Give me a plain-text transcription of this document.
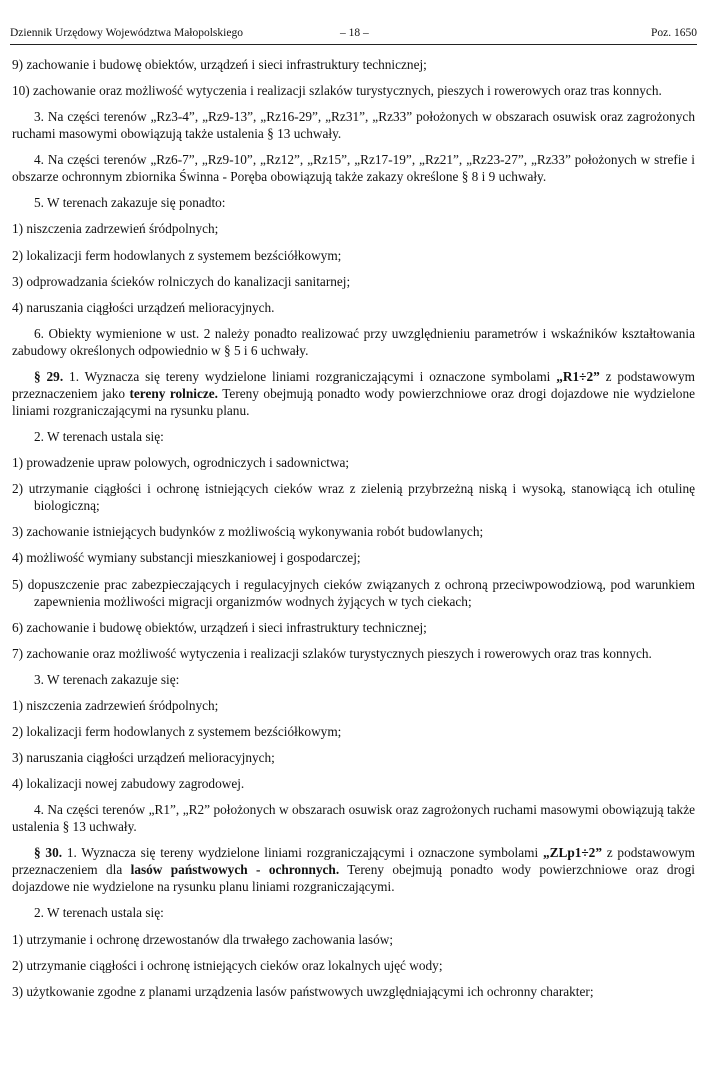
Dziennik Urzędowy Województwa Małopolskiego	– 18 –	Poz. 1650

9) zachowanie i budowę obiektów, urządzeń i sieci infrastruktury technicznej;

10) zachowanie oraz możliwość wytyczenia i realizacji szlaków turystycznych, pieszych i rowerowych oraz tras konnych.

3. Na części terenów „Rz3-4”, „Rz9-13”, „Rz16-29”, „Rz31”, „Rz33” położonych w obszarach osuwisk oraz zagrożonych ruchami masowymi obowiązują także ustalenia § 13 uchwały.

4. Na części terenów „Rz6-7”, „Rz9-10”, „Rz12”, „Rz15”, „Rz17-19”, „Rz21”, „Rz23-27”, „Rz33” położonych w strefie i obszarze ochronnym zbiornika Świnna - Poręba obowiązują także zakazy określone § 8 i 9 uchwały.

5. W terenach zakazuje się ponadto:

1) niszczenia zadrzewień śródpolnych;

2) lokalizacji ferm hodowlanych z systemem bezściółkowym;

3) odprowadzania ścieków rolniczych do kanalizacji sanitarnej;

4) naruszania ciągłości urządzeń melioracyjnych.

6. Obiekty wymienione w ust. 2 należy ponadto realizować przy uwzględnieniu parametrów i wskaźników kształtowania zabudowy określonych odpowiednio w § 5 i 6 uchwały.

§ 29. 1. Wyznacza się tereny wydzielone liniami rozgraniczającymi i oznaczone symbolami „R1÷2” z podstawowym przeznaczeniem jako tereny rolnicze. Tereny obejmują ponadto wody powierzchniowe oraz drogi dojazdowe nie wydzielone liniami rozgraniczającymi na rysunku planu.

2. W terenach ustala się:

1) prowadzenie upraw polowych, ogrodniczych i sadownictwa;

2) utrzymanie ciągłości i ochronę istniejących cieków wraz z zielenią przybrzeżną niską i wysoką, stanowiącą ich otulinę biologiczną;

3) zachowanie istniejących budynków z możliwością wykonywania robót budowlanych;

4) możliwość wymiany substancji mieszkaniowej i gospodarczej;

5) dopuszczenie prac zabezpieczających i regulacyjnych cieków związanych z ochroną przeciwpowodziową, pod warunkiem zapewnienia możliwości migracji organizmów wodnych żyjących w tych ciekach;

6) zachowanie i budowę obiektów, urządzeń i sieci infrastruktury technicznej;

7) zachowanie oraz możliwość wytyczenia i realizacji szlaków turystycznych pieszych i rowerowych oraz tras konnych.

3. W terenach zakazuje się:

1) niszczenia zadrzewień śródpolnych;

2) lokalizacji ferm hodowlanych z systemem bezściółkowym;

3) naruszania ciągłości urządzeń melioracyjnych;

4) lokalizacji nowej zabudowy zagrodowej.

4. Na części terenów „R1”, „R2” położonych w obszarach osuwisk oraz zagrożonych ruchami masowymi obowiązują także ustalenia § 13 uchwały.

§ 30. 1. Wyznacza się tereny wydzielone liniami rozgraniczającymi i oznaczone symbolami „ZLp1÷2” z podstawowym przeznaczeniem dla lasów państwowych - ochronnych. Tereny obejmują ponadto wody powierzchniowe oraz drogi dojazdowe nie wydzielone na rysunku planu liniami rozgraniczającymi.

2. W terenach ustala się:

1) utrzymanie i ochronę drzewostanów dla trwałego zachowania lasów;

2) utrzymanie ciągłości i ochronę istniejących cieków oraz lokalnych ujęć wody;

3) użytkowanie zgodne z planami urządzenia lasów państwowych uwzględniającymi ich ochronny charakter;
